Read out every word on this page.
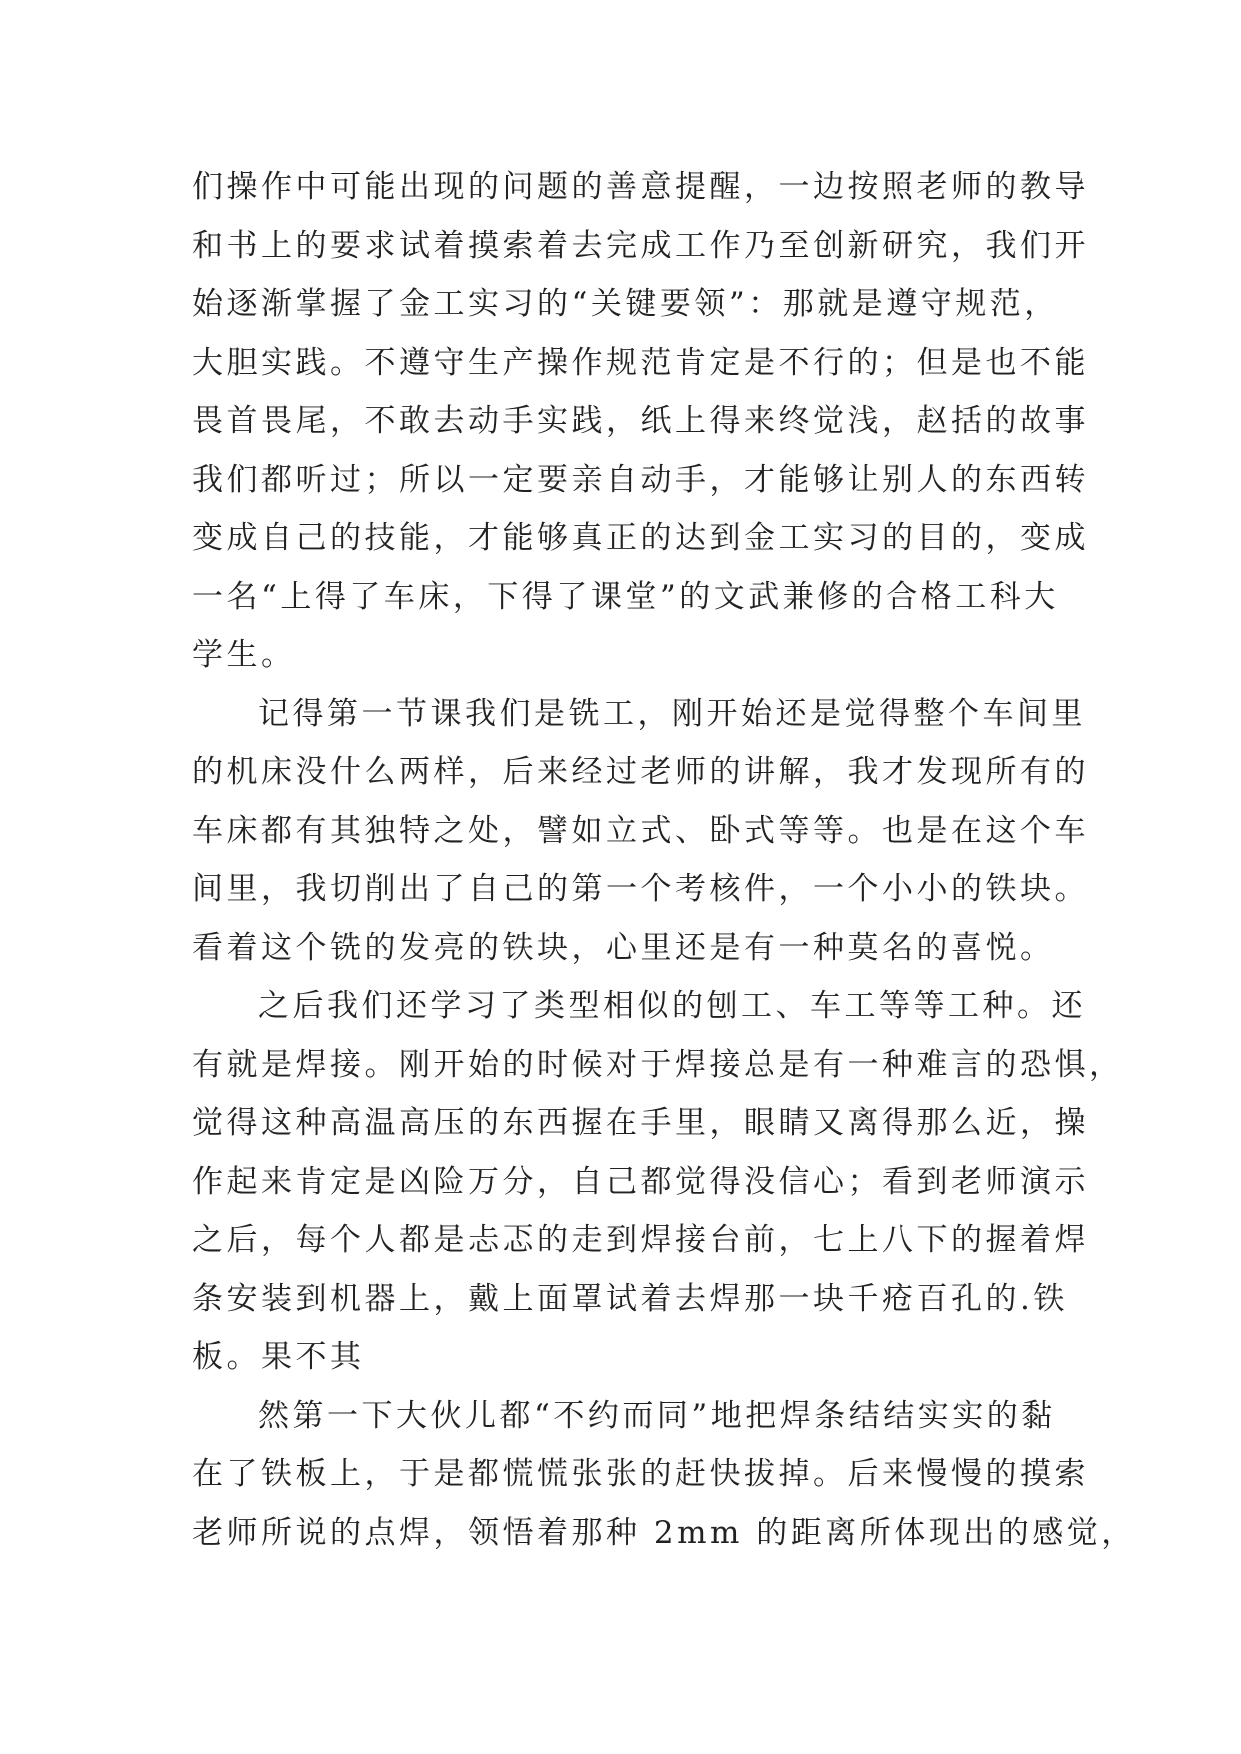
们操作中可能出现的问题的善意提醒，一边按照老师的教导
和书上的要求试着摸索着去完成工作乃至创新研究，我们开
始逐渐掌握了金工实习的“关键要领”：那就是遵守规范，
大胆实践。不遵守生产操作规范肯定是不行的；但是也不能
畏首畏尾，不敢去动手实践，纸上得来终觉浅，赵括的故事
我们都听过；所以一定要亲自动手，才能够让别人的东西转
变成自己的技能，才能够真正的达到金工实习的目的，变成
一名“上得了车床，下得了课堂”的文武兼修的合格工科大
学生。
记得第一节课我们是铣工，刚开始还是觉得整个车间里
的机床没什么两样，后来经过老师的讲解，我才发现所有的
车床都有其独特之处，譬如立式、卧式等等。也是在这个车
间里，我切削出了自己的第一个考核件，一个小小的铁块。
看着这个铣的发亮的铁块，心里还是有一种莫名的喜悦。
之后我们还学习了类型相似的刨工、车工等等工种。还
有就是焊接。刚开始的时候对于焊接总是有一种难言的恐惧，
觉得这种高温高压的东西握在手里，眼睛又离得那么近，操
作起来肯定是凶险万分，自己都觉得没信心；看到老师演示
之后，每个人都是忐忑的走到焊接台前，七上八下的握着焊
条安装到机器上，戴上面罩试着去焊那一块千疮百孔的.铁
板。果不其
然第一下大伙儿都“不约而同”地把焊条结结实实的黏
在了铁板上，于是都慌慌张张的赶快拔掉。后来慢慢的摸索
老师所说的点焊，领悟着那种 2mm 的距离所体现出的感觉，
